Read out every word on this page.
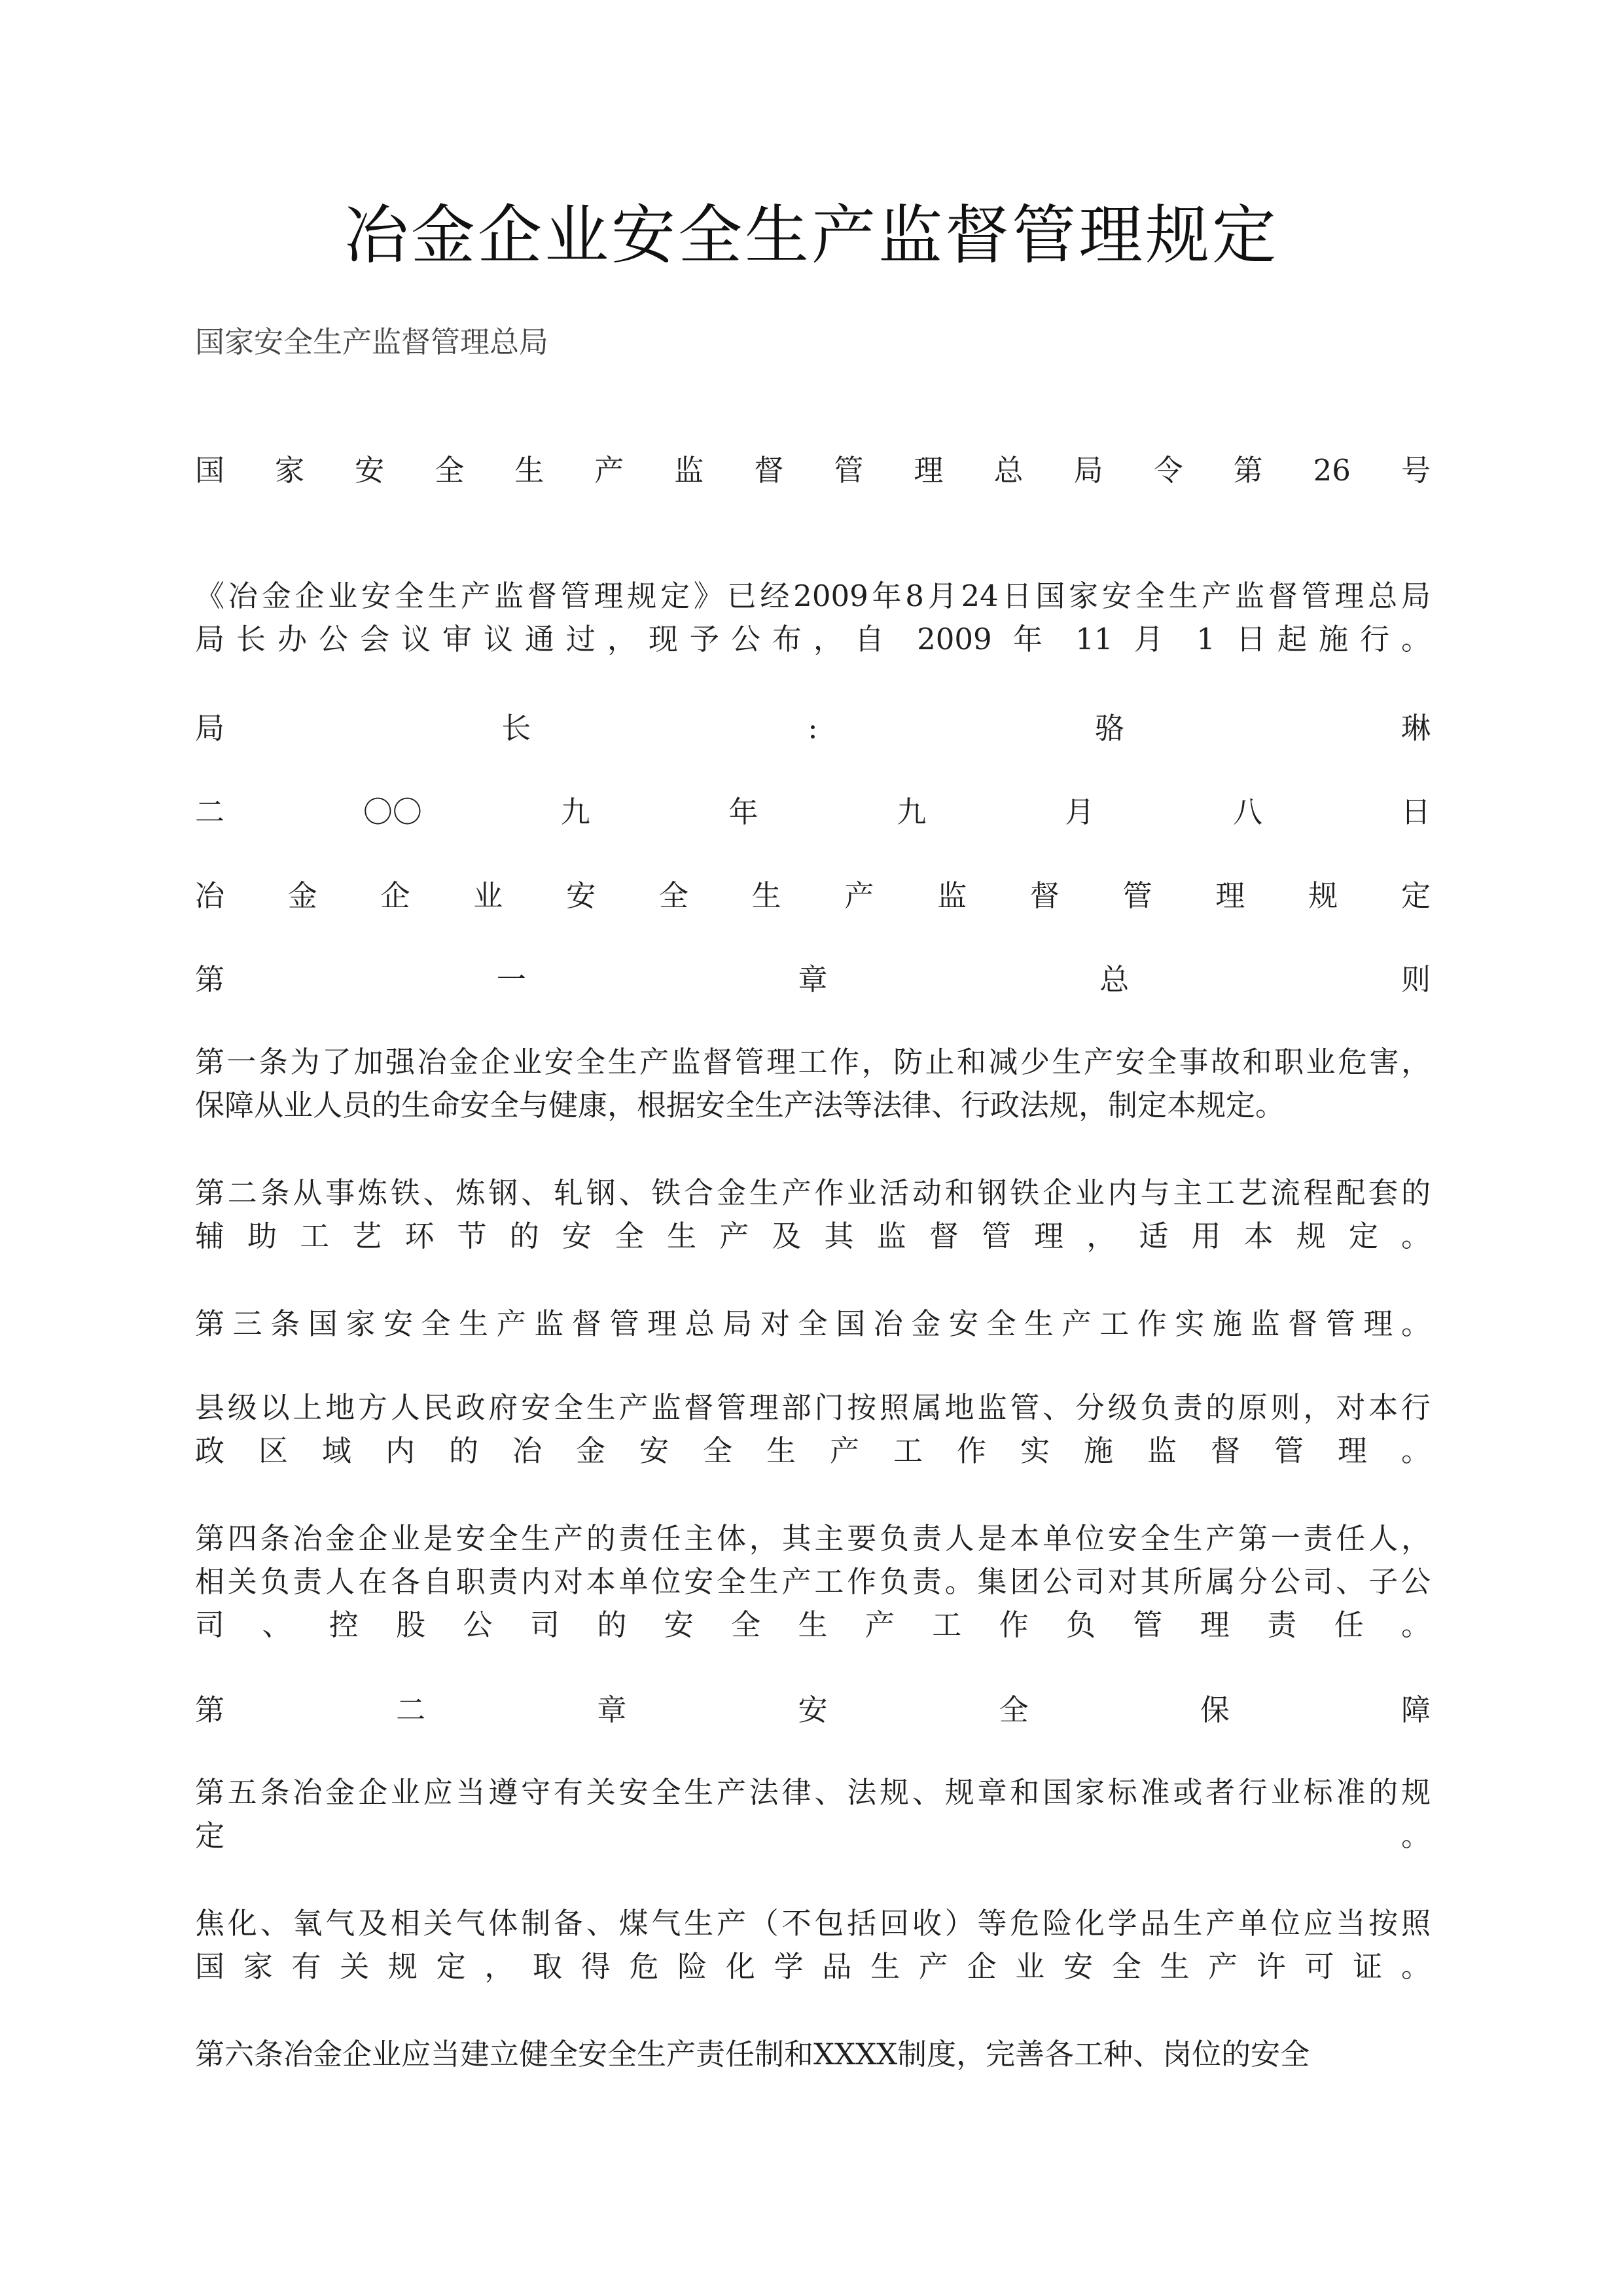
冶金企业安全生产监督管理规定
国家安全生产监督管理总局
国 家 安 全 生 产 监 督 管 理 总 局 令 第 26 号
《冶金企业安全生产监督管理规定》已经2009年8月24日国家安全生产监督管理总局
局长办公会议审议通过，现予公布，自 2009 年 11 月 1 日起施行。
局	长	:	骆	琳
二	〇〇	九	年	九	月	八	日
冶 金 企 业 安 全 生 产 监 督 管 理 规 定
第	一	章	总	则
第一条为了加强冶金企业安全生产监督管理工作，防止和减少生产安全事故和职业危害，
保障从业人员的生命安全与健康，根据安全生产法等法律、行政法规，制定本规定。
第二条从事炼铁、炼钢、轧钢、铁合金生产作业活动和钢铁企业内与主工艺流程配套的
辅助工艺环节的安全生产及其监督管理，适用本规定。
第三条国家安全生产监督管理总局对全国冶金安全生产工作实施监督管理。
县级以上地方人民政府安全生产监督管理部门按照属地监管、分级负责的原则，对本行
政区域内的冶金安全生产工作实施监督管理。
第四条冶金企业是安全生产的责任主体，其主要负责人是本单位安全生产第一责任人，
相关负责人在各自职责内对本单位安全生产工作负责。集团公司对其所属分公司、子公
司、控股公司的安全生产工作负管理责任。
第	二	章	安	全	保	障
第五条冶金企业应当遵守有关安全生产法律、法规、规章和国家标准或者行业标准的规
定。
焦化、氧气及相关气体制备、煤气生产（不包括回收）等危险化学品生产单位应当按照
国家有关规定，取得危险化学品生产企业安全生产许可证。
第六条冶金企业应当建立健全安全生产责任制和XXXX制度，完善各工种、岗位的安全
